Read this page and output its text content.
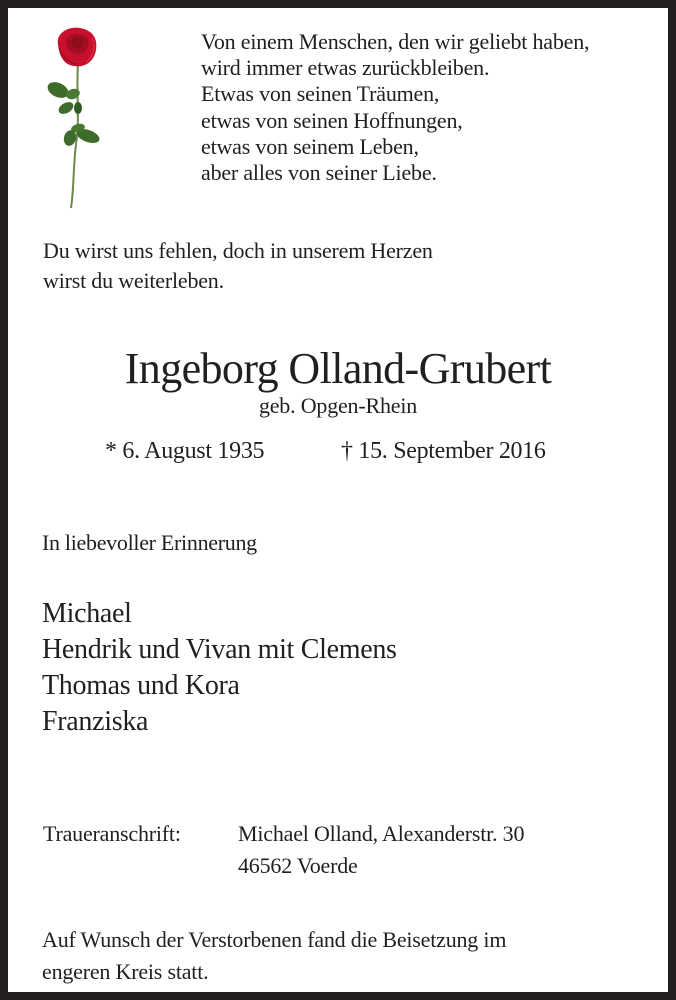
Von einem Menschen, den wir geliebt haben,
wird immer etwas zurückbleiben.
Etwas von seinen Träumen,
etwas von seinen Hoffnungen,
etwas von seinem Leben,
aber alles von seiner Liebe.
Du wirst uns fehlen, doch in unserem Herzen
wirst du weiterleben.
Ingeborg Olland-Grubert
geb. Opgen-Rhein
* 6. August 1935	† 15. September 2016
In liebevoller Erinnerung
Michael
Hendrik und Vivan mit Clemens
Thomas und Kora
Franziska
Traueranschrift:	Michael Olland, Alexanderstr. 30
46562 Voerde
Auf Wunsch der Verstorbenen fand die Beisetzung im
engeren Kreis statt.
